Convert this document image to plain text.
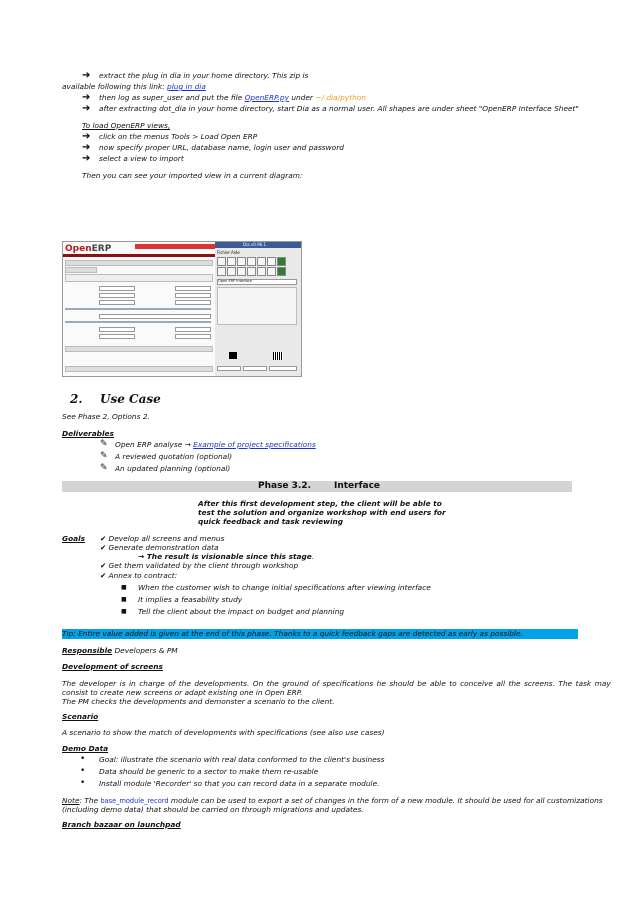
➔ extract the plug in dia in your home directory. This zip is
available following this link: plug in dia
➔ then log as super_user and put the file OpenERP.py under ~/.dia/python
➔ after extracting dot_dia in your home directory, start Dia as a normal user. All shapes are under sheet "OpenERP Interface Sheet"
To load OpenERP views,
➔ click on the menus Tools > Load Open ERP
➔ now specify proper URL, database name, login user and password
➔ select a view to import
Then you can see your imported view in a current diagram:
OpenERP	Dia v0.96.1
Fichier Aide
Open ERP Interface
2. Use Case
See Phase 2, Options 2.
Deliverables
✎ Open ERP analyse → Example of project specifications
✎ A reviewed quotation (optional)
✎ An updated planning (optional)
Phase 3.2.	Interface
After this first development step, the client will be able to
test the solution and organize workshop with end users for
quick feedback and task reviewing
Goals ✔ Develop all screens and menus
✔ Generate demonstration data
→ The result is visionable since this stage.
✔ Get them validated by the client through workshop
✔ Annex to contract:
■ When the customer wish to change initial specifications after viewing interface
■ It implies a feasability study
■ Tell the client about the impact on budget and planning
Tip: Entire value added is given at the end of this phase. Thanks to a quick feedback gaps are detected as early as possible.
Responsible Developers & PM
Development of screens
The developer is in charge of the developments. On the ground of specifications he should be able to conceive all the screens. The task may
consist to create new screens or adapt existing one in Open ERP.
The PM checks the developments and demonster a scenario to the client.
Scenario
A scenario to show the match of developments with specifications (see also use cases)
Demo Data
• Goal: illustrate the scenario with real data conformed to the client's business
• Data should be generic to a sector to make them re-usable
• Install module 'Recorder' so that you can record data in a separate module.
Note: The base_module_record module can be used to export a set of changes in the form of a new module. It should be used for all customizations
(including demo data) that should be carried on through migrations and updates.
Branch bazaar on launchpad
